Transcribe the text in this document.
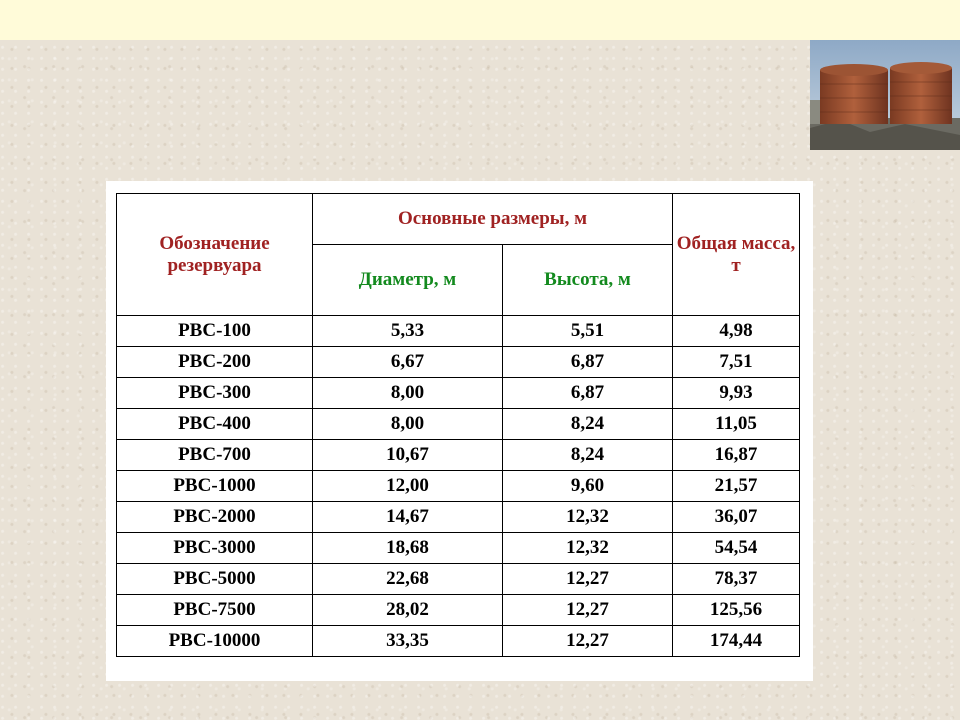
Обозначение резервуара	Основные размеры, м		Общая масса, т
	Диаметр, м	Высота, м	
РВС-100	5,33	5,51	4,98
РВС-200	6,67	6,87	7,51
РВС-300	8,00	6,87	9,93
РВС-400	8,00	8,24	11,05
РВС-700	10,67	8,24	16,87
РВС-1000	12,00	9,60	21,57
РВС-2000	14,67	12,32	36,07
РВС-3000	18,68	12,32	54,54
РВС-5000	22,68	12,27	78,37
РВС-7500	28,02	12,27	125,56
РВС-10000	33,35	12,27	174,44
